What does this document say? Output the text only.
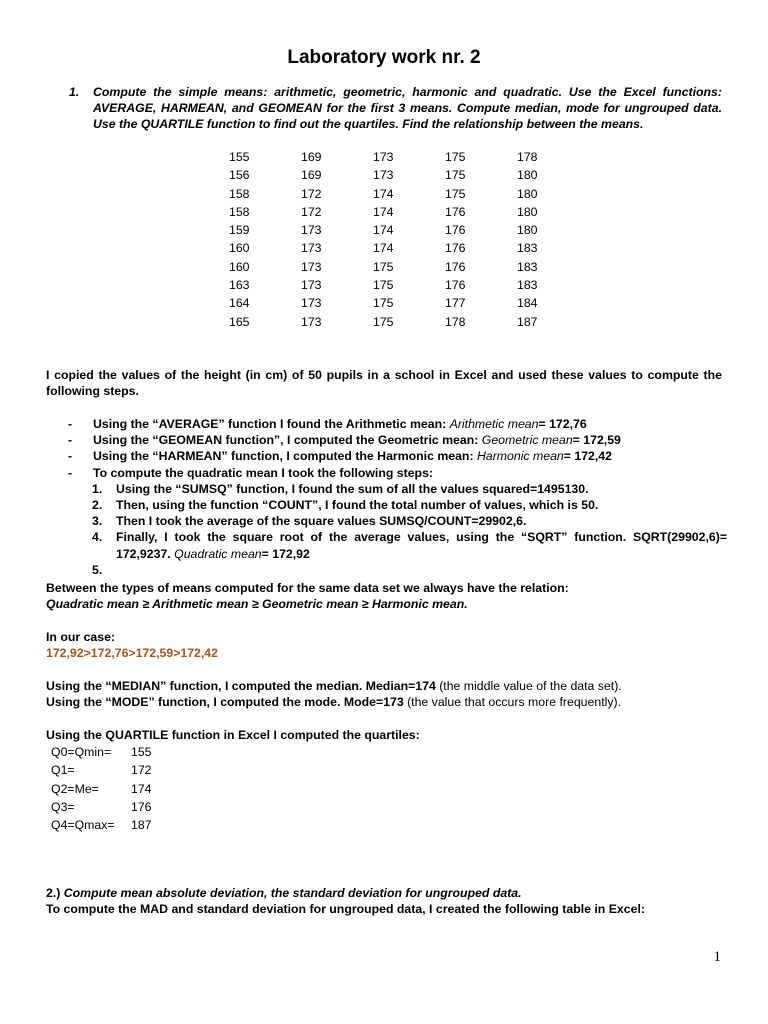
Laboratory work nr. 2
1.	Compute the simple means: arithmetic, geometric, harmonic and quadratic. Use the Excel functions: AVERAGE, HARMEAN, and GEOMEAN for the first 3 means. Compute median, mode for ungrouped data. Use the QUARTILE function to find out the quartiles. Find the relationship between the means.
155	169	173	175	178
156	169	173	175	180
158	172	174	175	180
158	172	174	176	180
159	173	174	176	180
160	173	174	176	183
160	173	175	176	183
163	173	175	176	183
164	173	175	177	184
165	173	175	178	187
I copied the values of the height (in cm) of 50 pupils in a school in Excel and used these values to compute the following steps.
- Using the “AVERAGE” function I found the Arithmetic mean: Arithmetic mean= 172,76
- Using the “GEOMEAN function”, I computed the Geometric mean: Geometric mean= 172,59
- Using the “HARMEAN” function, I computed the Harmonic mean: Harmonic mean= 172,42
- To compute the quadratic mean I took the following steps:
1. Using the “SUMSQ” function, I found the sum of all the values squared=1495130.
2. Then, using the function “COUNT”, I found the total number of values, which is 50.
3. Then I took the average of the square values SUMSQ/COUNT=29902,6.
4. Finally, I took the square root of the average values, using the “SQRT” function. SQRT(29902,6)= 172,9237. Quadratic mean= 172,92
5.
Between the types of means computed for the same data set we always have the relation:
Quadratic mean ≥ Arithmetic mean ≥ Geometric mean ≥ Harmonic mean.
In our case:
172,92>172,76>172,59>172,42
Using the “MEDIAN” function, I computed the median. Median=174 (the middle value of the data set).
Using the “MODE” function, I computed the mode. Mode=173 (the value that occurs more frequently).
Using the QUARTILE function in Excel I computed the quartiles:
Q0=Qmin=	155
Q1=	172
Q2=Me=	174
Q3=	176
Q4=Qmax=	187
2.) Compute mean absolute deviation, the standard deviation for ungrouped data.
To compute the MAD and standard deviation for ungrouped data, I created the following table in Excel:
1
